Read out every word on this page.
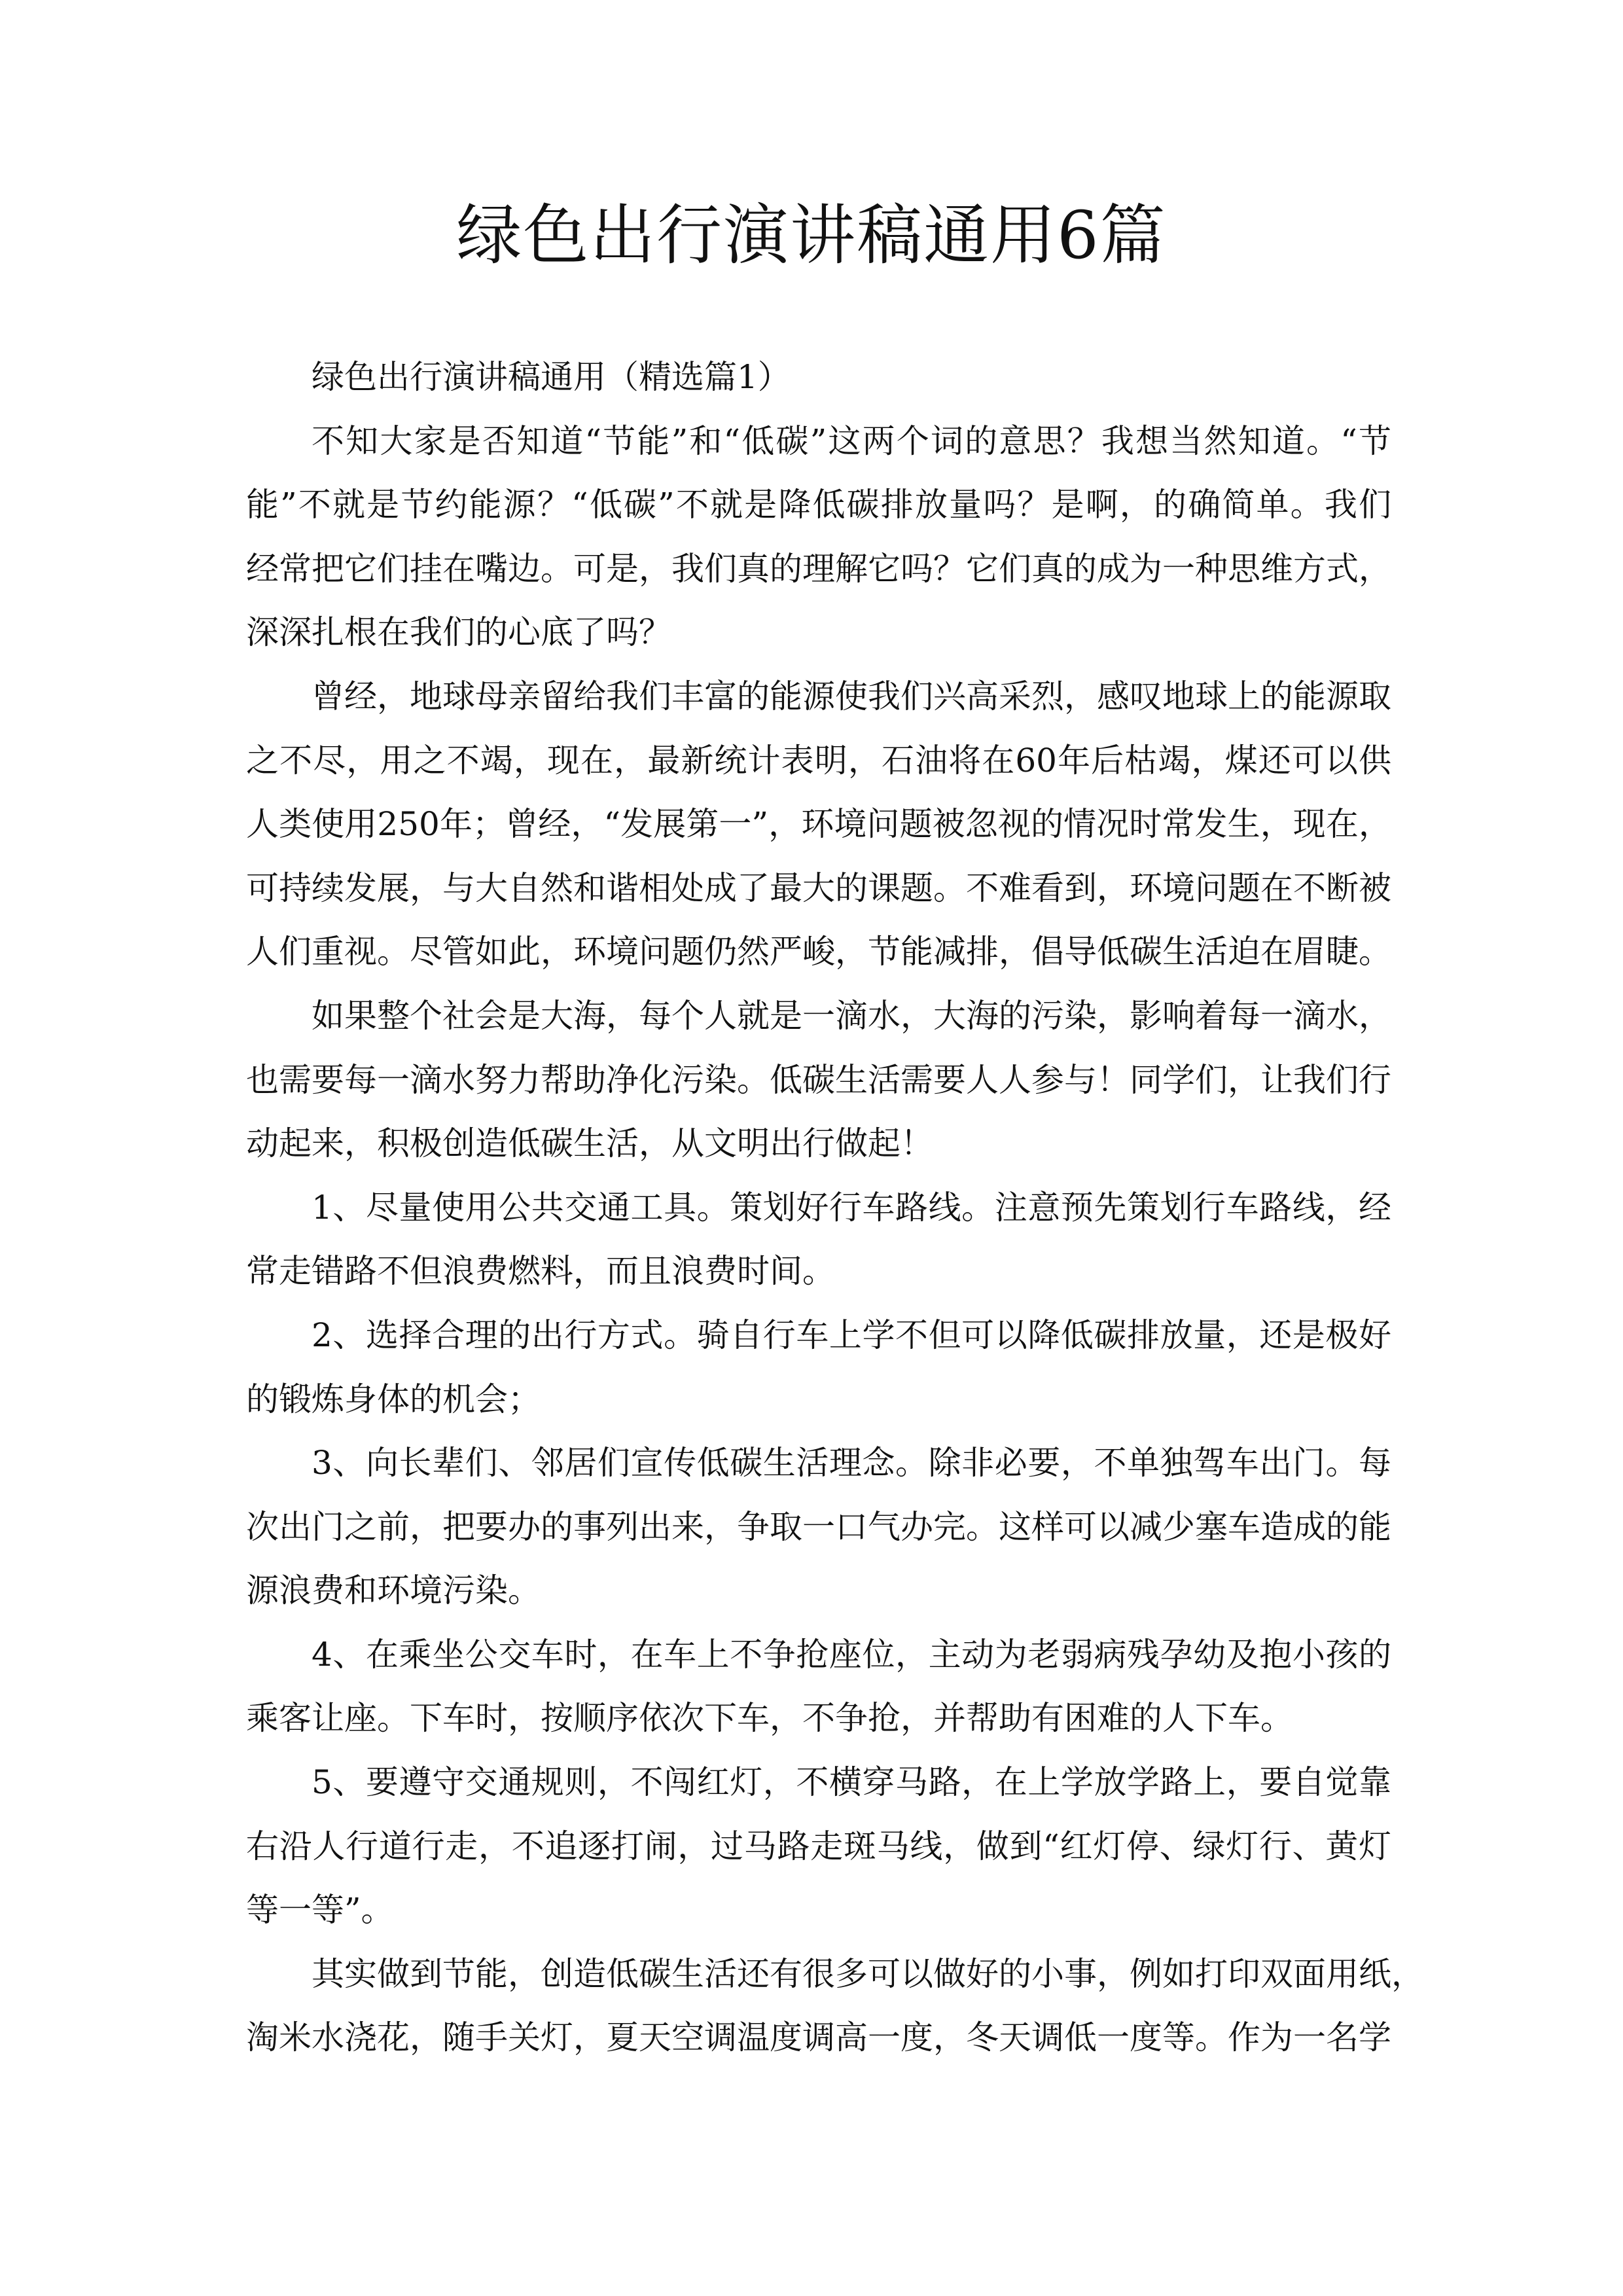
绿色出行演讲稿通用6篇
绿色出行演讲稿通用（精选篇1）
不知大家是否知道“节能”和“低碳”这两个词的意思？我想当然知道。“节
能”不就是节约能源？“低碳”不就是降低碳排放量吗？是啊，的确简单。我们
经常把它们挂在嘴边。可是，我们真的理解它吗？它们真的成为一种思维方式，
深深扎根在我们的心底了吗？
曾经，地球母亲留给我们丰富的能源使我们兴高采烈，感叹地球上的能源取
之不尽，用之不竭，现在，最新统计表明，石油将在60年后枯竭，煤还可以供
人类使用250年；曾经，“发展第一”，环境问题被忽视的情况时常发生，现在，
可持续发展，与大自然和谐相处成了最大的课题。不难看到，环境问题在不断被
人们重视。尽管如此，环境问题仍然严峻，节能减排，倡导低碳生活迫在眉睫。
如果整个社会是大海，每个人就是一滴水，大海的污染，影响着每一滴水，
也需要每一滴水努力帮助净化污染。低碳生活需要人人参与！同学们，让我们行
动起来，积极创造低碳生活，从文明出行做起！
1、尽量使用公共交通工具。策划好行车路线。注意预先策划行车路线，经
常走错路不但浪费燃料，而且浪费时间。
2、选择合理的出行方式。骑自行车上学不但可以降低碳排放量，还是极好
的锻炼身体的机会；
3、向长辈们、邻居们宣传低碳生活理念。除非必要，不单独驾车出门。每
次出门之前，把要办的事列出来，争取一口气办完。这样可以减少塞车造成的能
源浪费和环境污染。
4、在乘坐公交车时，在车上不争抢座位，主动为老弱病残孕幼及抱小孩的
乘客让座。下车时，按顺序依次下车，不争抢，并帮助有困难的人下车。
5、要遵守交通规则，不闯红灯，不横穿马路，在上学放学路上，要自觉靠
右沿人行道行走，不追逐打闹，过马路走斑马线，做到“红灯停、绿灯行、黄灯
等一等”。
其实做到节能，创造低碳生活还有很多可以做好的小事，例如打印双面用纸，
淘米水浇花，随手关灯，夏天空调温度调高一度，冬天调低一度等。作为一名学
